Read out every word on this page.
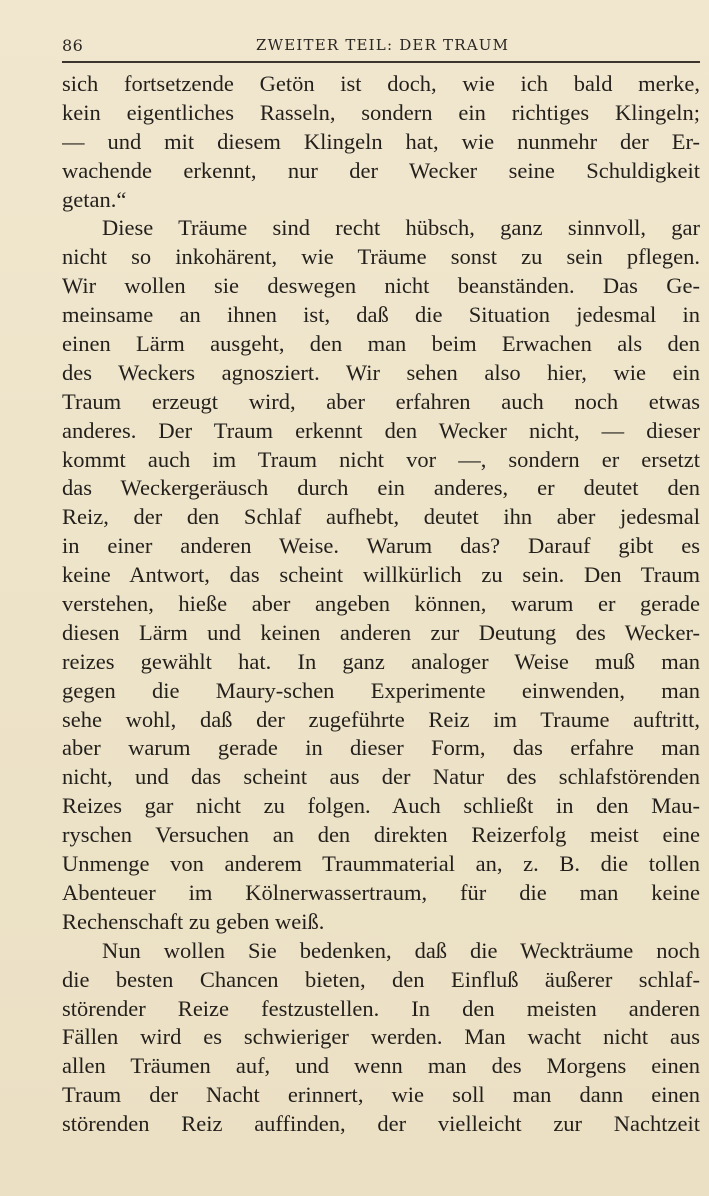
86	ZWEITER TEIL: DER TRAUM
sich fortsetzende Getön ist doch, wie ich bald merke,
kein eigentliches Rasseln, sondern ein richtiges Klingeln;
— und mit diesem Klingeln hat, wie nunmehr der Er-
wachende erkennt, nur der Wecker seine Schuldigkeit
getan.“
Diese Träume sind recht hübsch, ganz sinnvoll, gar
nicht so inkohärent, wie Träume sonst zu sein pflegen.
Wir wollen sie deswegen nicht beanständen. Das Ge-
meinsame an ihnen ist, daß die Situation jedesmal in
einen Lärm ausgeht, den man beim Erwachen als den
des Weckers agnosziert. Wir sehen also hier, wie ein
Traum erzeugt wird, aber erfahren auch noch etwas
anderes. Der Traum erkennt den Wecker nicht, — dieser
kommt auch im Traum nicht vor —, sondern er ersetzt
das Weckergeräusch durch ein anderes, er deutet den
Reiz, der den Schlaf aufhebt, deutet ihn aber jedesmal
in einer anderen Weise. Warum das? Darauf gibt es
keine Antwort, das scheint willkürlich zu sein. Den Traum
verstehen, hieße aber angeben können, warum er gerade
diesen Lärm und keinen anderen zur Deutung des Wecker-
reizes gewählt hat. In ganz analoger Weise muß man
gegen die Maury-schen Experimente einwenden, man
sehe wohl, daß der zugeführte Reiz im Traume auftritt,
aber warum gerade in dieser Form, das erfahre man
nicht, und das scheint aus der Natur des schlafstörenden
Reizes gar nicht zu folgen. Auch schließt in den Mau-
ryschen Versuchen an den direkten Reizerfolg meist eine
Unmenge von anderem Traummaterial an, z. B. die tollen
Abenteuer im Kölnerwassertraum, für die man keine
Rechenschaft zu geben weiß.
Nun wollen Sie bedenken, daß die Weckträume noch
die besten Chancen bieten, den Einfluß äußerer schlaf-
störender Reize festzustellen. In den meisten anderen
Fällen wird es schwieriger werden. Man wacht nicht aus
allen Träumen auf, und wenn man des Morgens einen
Traum der Nacht erinnert, wie soll man dann einen
störenden Reiz auffinden, der vielleicht zur Nachtzeit
